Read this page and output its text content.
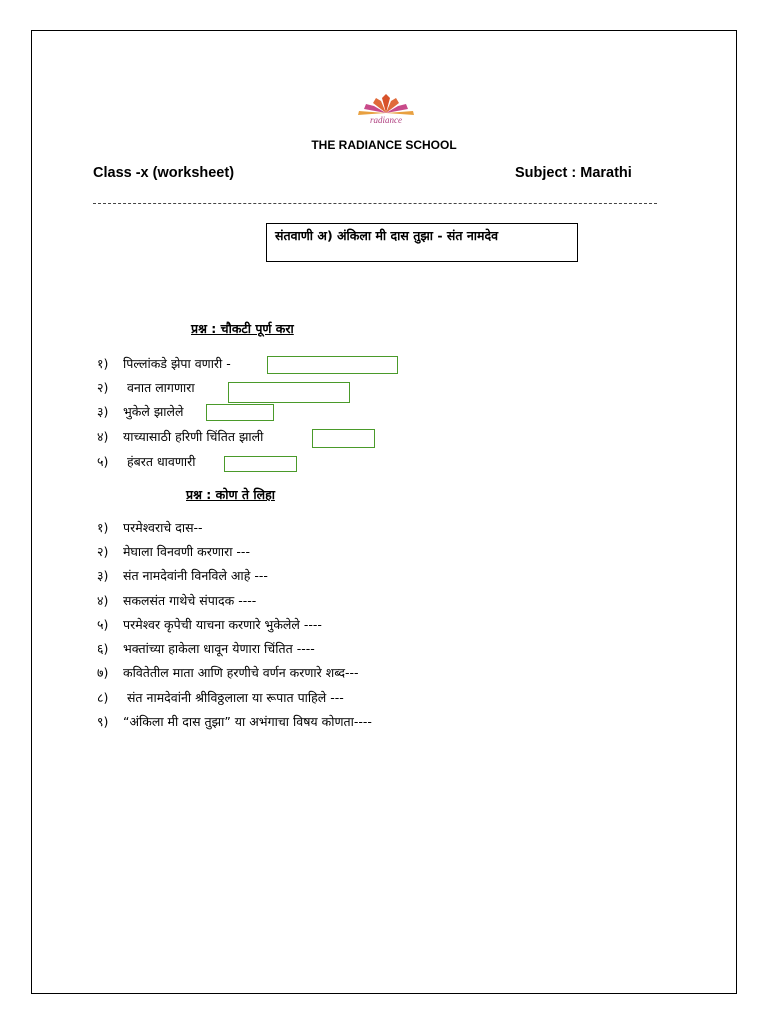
radiance
THE RADIANCE SCHOOL
Class -x (worksheet)	Subject : Marathi
संतवाणी अ) अंकिला मी दास तुझा - संत नामदेव
प्रश्न : चौकटी पूर्ण करा
१) पिल्लांकडे झेपा वणारी -
२) वनात लागणारा
३) भुकेले झालेले
४) याच्यासाठी हरिणी चिंतित झाली
५) हंबरत धावणारी
प्रश्न : कोण ते लिहा
१) परमेश्वराचे दास--
२) मेघाला विनवणी करणारा ---
३) संत नामदेवांनी विनविले आहे ---
४) सकलसंत गाथेचे संपादक ----
५) परमेश्वर कृपेची याचना करणारे भुकेलेले ----
६) भक्तांच्या हाकेला धावून येणारा चिंतित ----
७) कवितेतील माता आणि हरणीचे वर्णन करणारे शब्द---
८) संत नामदेवांनी श्रीविठ्ठलाला या रूपात पाहिले ---
९) “अंकिला मी दास तुझा” या अभंगाचा विषय कोणता----
